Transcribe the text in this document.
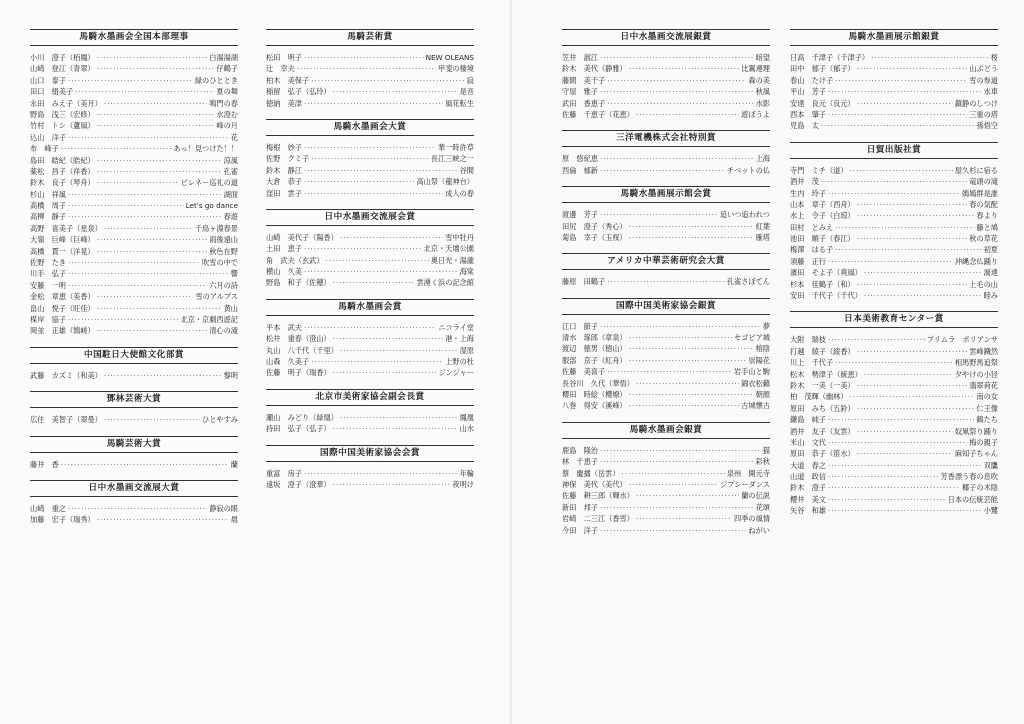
馬騎水墨画会全国本部理事
小川　澄子（栢鳳） ·····	白湯湯湖
山崎　登江（青翠） ·····	仔鶴子
山口　泰子 ·····	緑のひととき
田口　絹美子 ·····	夏の舞
永田　みえ子（美月） ·····	鳴門の春
野島　浅三（宏修） ·····	水澄む
竹村　トシ（蘆風） ·····	峰の月
込山　洋子 ·····	花
布　峰子 ·····	あっ！見つけた！！
島田　皓紀（皓紀） ·····	涼風
薬松　昌子（祥香） ·····	孔雀
鈴木　良子（琴舟） ·····	ピレネー巡礼の道
杉山　祥風 ·····	湖面
高橋　周子 ·····	Let's go dance
高柳　靜子 ·····	春遊
高野　喜美子（星泉） ·····	千鳥ヶ淵春景
大嶺　巨峰（巨峰） ·····	雨後遠山
高橋　貫一（洋晃） ·····	秋色在野
佐野　たき ·····	吹雪の中で
川手　弘子 ·····	響
安藤　一明 ·····	六月の詩
金松　章恵（美香） ·····	雪のアルプス
畠山　悦子（旺佳） ·····	黄山
楳岸　協子 ·····	北京・京劇西遊記
岡並　正雄（鵠嵯） ·····	清心の滝
中国駐日大使館文化部賞
武藤　カズミ（和美） ·····	黎明
鄧林芸術大賞
広住　美智子（翠曼） ·····	ひとやすみ
馬騎芸術大賞
藤井　香 ·····	蘭
日中水墨画交流展大賞
山崎　重之 ·····	静寂の眼
加藤　宏子（瑞秀） ·····	晨
馬騎芸術賞
松田　明子 ·····	NEW OLEANS
辻　幸夫 ·····	甲斐の棲境
柏木　美保子 ·····	寂
稲留　弘子（弘玲） ·····	是音
徳納　美津 ·····	風花転生
馬騎水墨画会大賞
梅根　妙子 ·····	華一時許草
佐野　クミ子 ·····	長江三峡之一
鈴木　静江 ·····	谷間
大倉　恭子 ·····	高山祭（龍神台）
窪田　雲子 ·····	成人の春
日中水墨画交流展会賞
山崎　美代子（陽香） ·····	雪中牡丹
土田　恵子 ·····	北京・天壇公園
角　武夫（玄武） ·····	奥日光・湯瀧
横山　久美 ·····	海棠
野島　和子（佐穂） ·····	雲湧く浜の記念館
馬騎水墨画会賞
平本　武夫 ·····	ニコライ堂
松井　重春（澄山） ·····	港・上海
丸山　八千代（千里） ·····	湿原
山森　久美子 ·····	上野の杜
佐藤　明子（瑞香） ·····	ジンジャー
北京市美術家協会副会長賞
瀬山　みどり（緑凰） ·····	鳳凰
持田　弘子（弘子） ·····	山水
国際中国美術家協会会賞
重富　房子 ·····	年輪
遠坂　澄子（澄華） ·····	夜明け
日中水墨画交流展銀賞
笠井　淑江 ·····	暗望
鈴木　美代（静雅） ·····	比翼連理
藤間　美千子 ·····	森の美
守屋　雅子 ·····	秋風
武田　香恵子 ·····	水影
佐藤　千恵子（花恵） ·····	遊ぼうよ
三洋電機株式会社特別賞
原　悠紀恵 ·····	上海
西倫　郁新 ·····	チベットの仏
馬騎水墨画展示館会賞
渡邊　芳子 ·····	追いつ追われつ
田尻　澄子（秀心） ·····	紅葉
菊島　幸子（玉桜） ·····	雁塔
アメリカ中華芸術研究会大賞
藤原　田鶴子 ·····	孔雀さぼてん
国際中国美術家協会銀賞
江口　節子 ·····	夢
清水　琢郎（章泉） ·····	セゴビア城
渡辺　徳男（徳山） ·····	榕陰
服部　京子（紅舟） ·····	崇陽花
佐藤　美喜子 ·····	岩手山と駒
長谷川　久代（華悟） ·····	錦衣松籟
櫻田　時絵（櫻燎） ·····	朝顔
八巻　得安（溪峰） ·····	古城懐古
馬騎水墨画会銀賞
鹿島　隆治 ·····	猫
林　千恵子 ·····	彩秋
蔡　慶播（岳雲） ·····	泉州　開元寺
神保　美代（美代） ·····	ジプシーダンス
佐藤　耕三郎（輝水） ·····	蘭の伝説
新田　邦子 ·····	花頌
岩崎　二三江（香雪） ·····	四季の風情
今田　洋子 ·····	ねがい
馬騎水墨画展示館銀賞
日高　千津子（千津子） ·····	桜
田中　郁子（郁子） ·····	山ぶどう
春山　たけ子 ·····	雪の参道
平山　芳子 ·····	水車
安達　良元（良元） ·····	鎮静のしつけ
西本　肇子 ·····	三重の塔
児島　太 ·····	孫悟空
日貿出版社賞
寺門　ミチ（道） ·····	屋久杉に宿る
酒井　茂 ·····	竜頭の滝
生内　玲子 ·····	嫣嫣群是誰
山本　章子（西舟） ·····	春の気配
水上　令子（白琼） ·····	春より
田村　とみえ ·····	藤と鳩
池田　順子（春江） ·····	秋の草花
梅澤　はる子 ·····	初夏
須藤　正行 ·····	沖縄念仏踊り
濱田　そよ子（爽風） ·····	渦達
杉本　佳鶴子（和） ·····	上毛の山
安田　千代子（千代） ·····	睦み
日本美術教育センター賞
大附　瑞枝 ·····	プリムラ　ポリアンサ
打越　綾子（綾香） ·····	雲峰鐵然
川上　千代子 ·····	相馬野馬追祭
松木　勢津子（統恵） ·····	夕やけの小径
鈴木　一美（一美） ·····	翡翠荷花
柏　茂輝（幽林） ·····	南の女
原田　みち（五鈴） ·····	仁王像
鎌島　純子 ·····	鶴たち
酒井　友子（友雲） ·····	奴凧祭り踊り
米山　文代 ·····	梅の親子
原田　恭子（笛水） ·····	麻知子ちゃん
大道　春之 ·····	双鷹
山道　政信 ·····	芳香漂う春の息吹
鈴木　澄子 ·····	椰子の木陰
櫻井　美文 ·····	日本の伝統芸能
矢谷　和雄 ·····	小鷺
